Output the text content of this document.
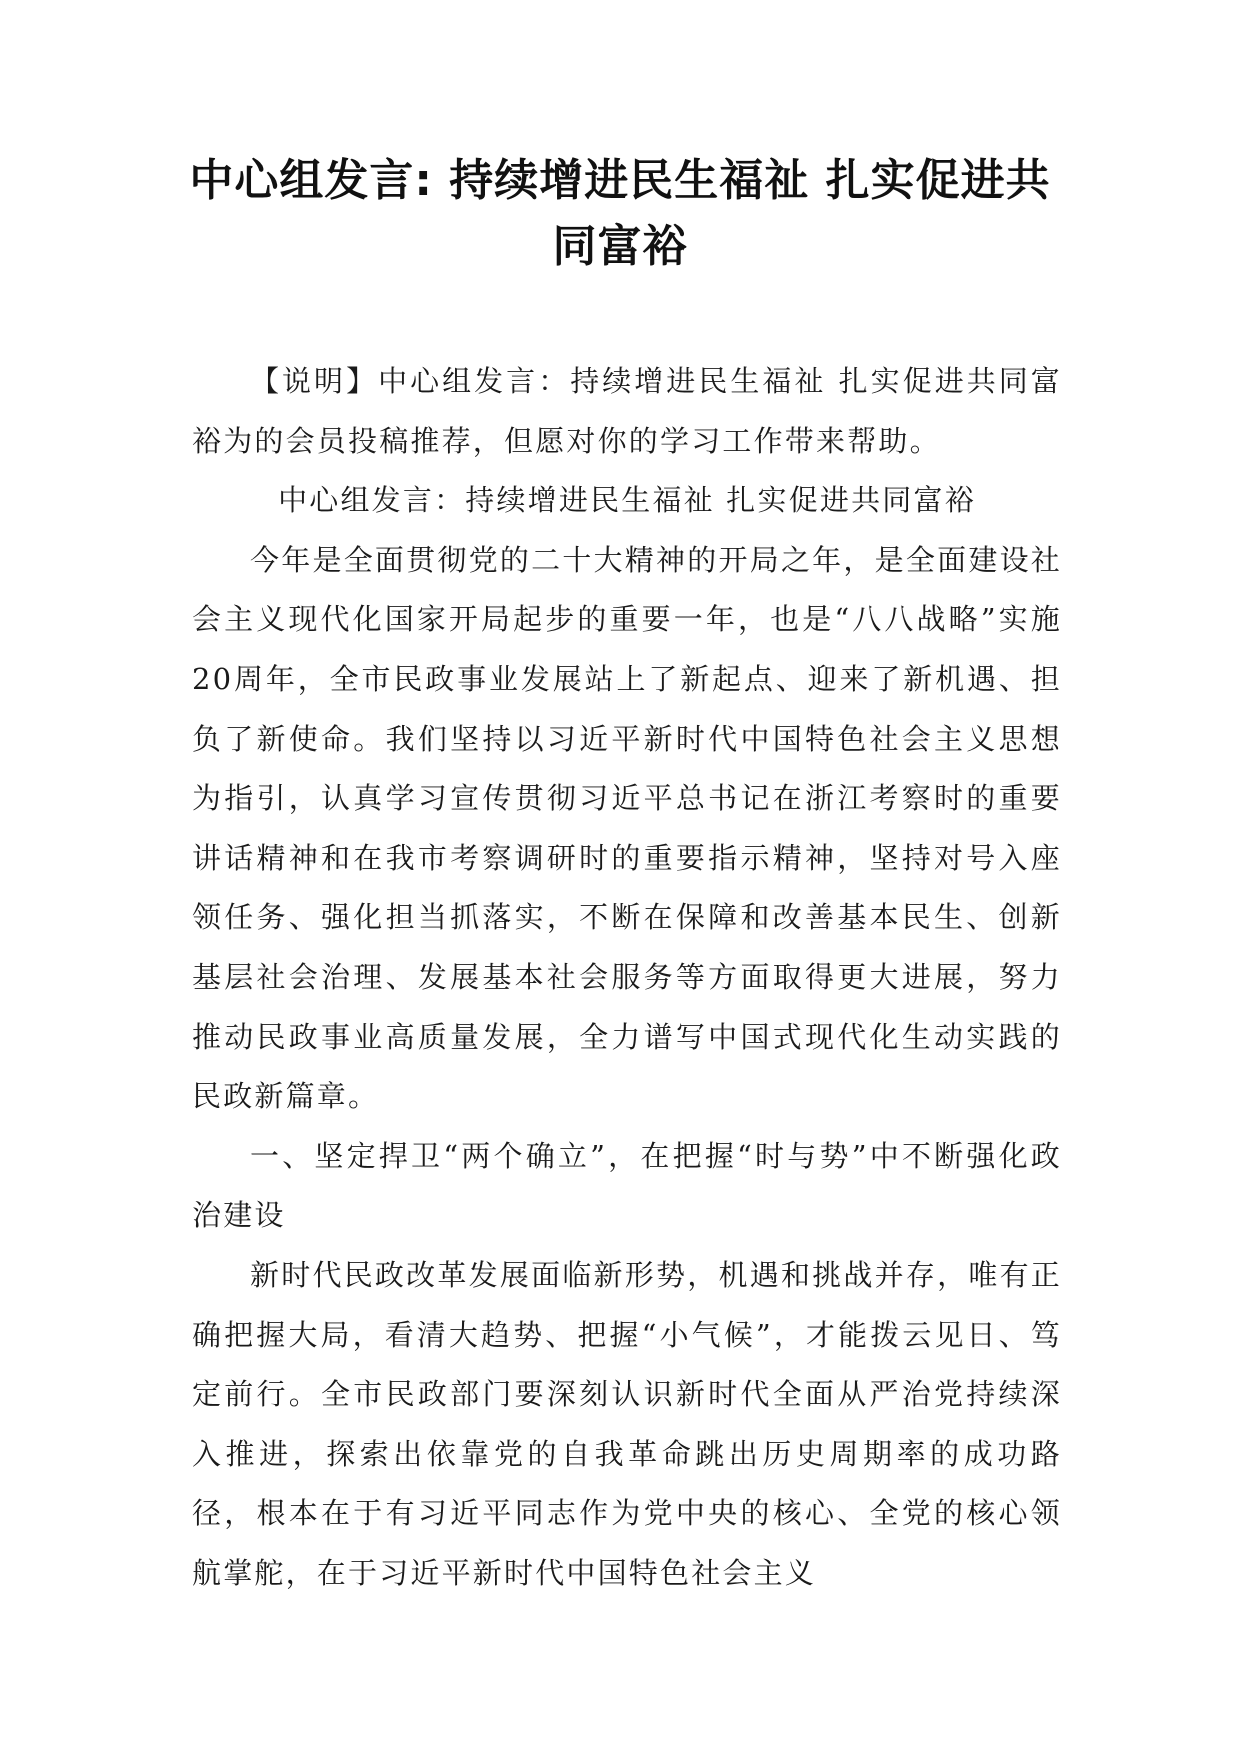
中心组发言: 持续增进民生福祉 扎实促进共同富裕

【说明】中心组发言：持续增进民生福祉 扎实促进共同富裕为的会员投稿推荐，但愿对你的学习工作带来帮助。

中心组发言：持续增进民生福祉 扎实促进共同富裕

今年是全面贯彻党的二十大精神的开局之年，是全面建设社会主义现代化国家开局起步的重要一年，也是“八八战略”实施20周年，全市民政事业发展站上了新起点、迎来了新机遇、担负了新使命。我们坚持以习近平新时代中国特色社会主义思想为指引，认真学习宣传贯彻习近平总书记在浙江考察时的重要讲话精神和在我市考察调研时的重要指示精神，坚持对号入座领任务、强化担当抓落实，不断在保障和改善基本民生、创新基层社会治理、发展基本社会服务等方面取得更大进展，努力推动民政事业高质量发展，全力谱写中国式现代化生动实践的民政新篇章。

一、坚定捍卫“两个确立”，在把握“时与势”中不断强化政治建设

新时代民政改革发展面临新形势，机遇和挑战并存，唯有正确把握大局，看清大趋势、把握“小气候”，才能拨云见日、笃定前行。全市民政部门要深刻认识新时代全面从严治党持续深入推进，探索出依靠党的自我革命跳出历史周期率的成功路径，根本在于有习近平同志作为党中央的核心、全党的核心领航掌舵，在于习近平新时代中国特色社会主义
